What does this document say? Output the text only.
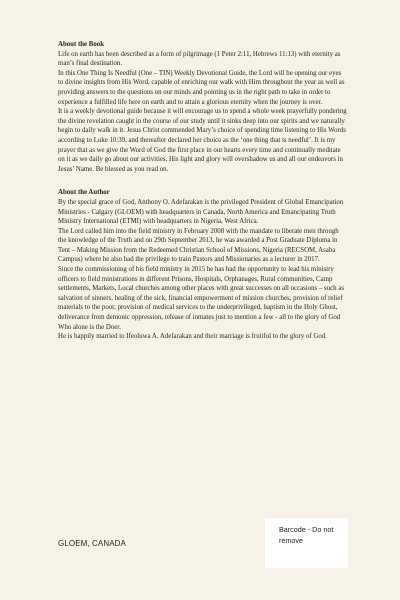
About the Book

Life on earth has been described as a form of pilgrimage (1 Peter 2:11, Hebrews 11:13) with eternity as man’s final destination.

In this One Thing Is Needful (One – TIN) Weekly Devotional Guide, the Lord will be opening our eyes to divine insights from His Word, capable of enriching our walk with Him throughout the year as well as providing answers to the questions on our minds and pointing us in the right path to take in order to experience a fulfilled life here on earth and to attain a glorious eternity when the journey is over.

It is a weekly devotional guide because it will encourage us to spend a whole week prayerfully pondering the divine revelation caught in the course of our study until it sinks deep into our spirits and we naturally begin to daily walk in it. Jesus Christ commended Mary’s choice of spending time listening to His Words according to Luke 10:39, and thereafter declared her choice as the ‘one thing that is needful’. It is my prayer that as we give the Word of God the first place in our hearts every time and continually meditate on it as we daily go about our activities, His light and glory will overshadow us and all our endeavors in Jesus’ Name. Be blessed as you read on.

About the Author

By the special grace of God, Anthony O. Adefarakan is the privileged President of Global Emancipation Ministries - Calgary (GLOEM) with headquarters in Canada, North America and Emancipating Truth Ministry International (ETMI) with headquarters in Nigeria, West Africa.

The Lord called him into the field ministry in February 2008 with the mandate to liberate men through the knowledge of the Truth and on 29th September 2013, he was awarded a Post Graduate Diploma in Tent – Making Mission from the Redeemed Christian School of Missions, Nigeria (RECSOM, Asaba Campus) where he also had the privilege to train Pastors and Missionaries as a lecturer in 2017.

Since the commissioning of his field ministry in 2015 he has had the opportunity to lead his ministry officers to field ministrations in different Prisons, Hospitals, Orphanages, Rural communities, Camp settlements, Markets, Local churches among other places with great successes on all occasions – such as salvation of sinners, healing of the sick, financial empowerment of mission churches, provision of relief materials to the poor, provision of medical services to the underprivileged, baptism in the Holy Ghost, deliverance from demonic oppression, release of inmates just to mention a few - all to the glory of God Who alone is the Doer.

He is happily married to Ifeoluwa A. Adefarakan and their marriage is fruitful to the glory of God.

Barcode - Do not remove
GLOEM, CANADA
